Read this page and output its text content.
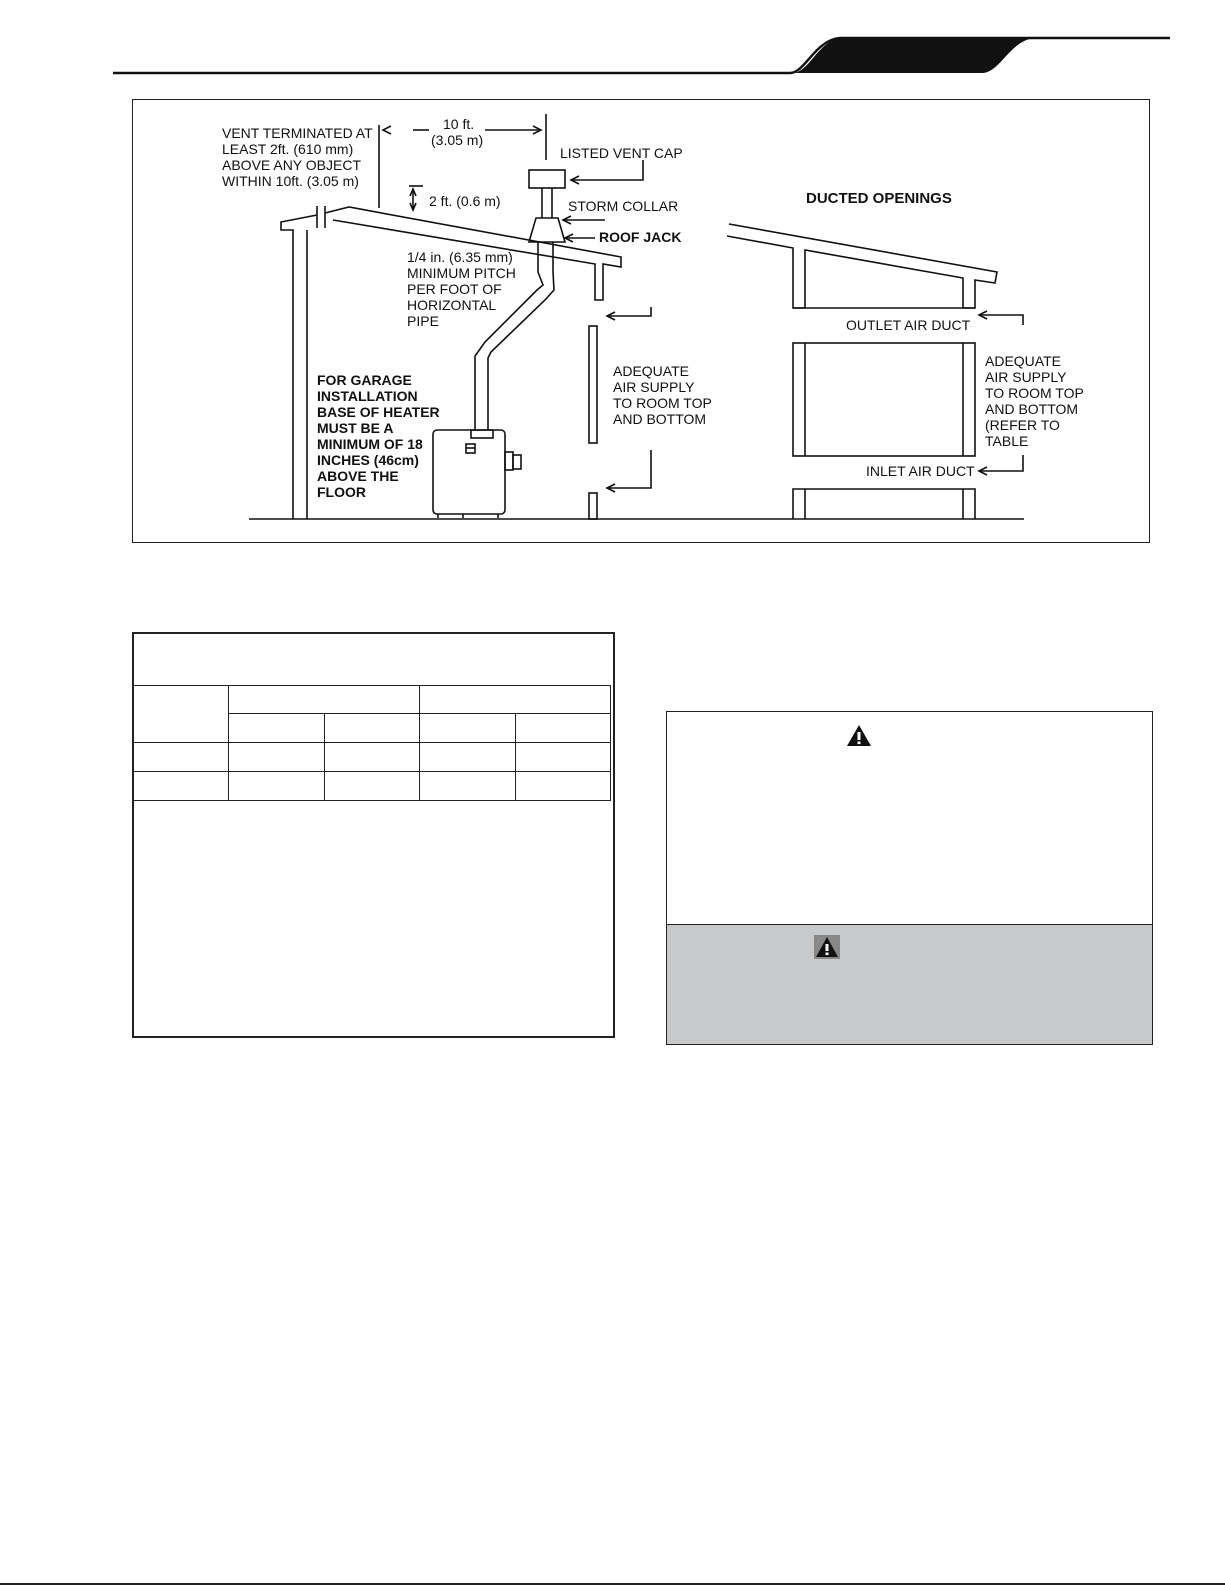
VENT TERMINATED AT
LEAST 2ft. (610 mm)
ABOVE ANY OBJECT
WITHIN 10ft. (3.05 m)
10 ft.
(3.05 m)
2 ft. (0.6 m)
LISTED VENT CAP
STORM COLLAR
ROOF JACK
1/4 in. (6.35 mm)
MINIMUM PITCH
PER FOOT OF
HORIZONTAL
PIPE
FOR GARAGE
INSTALLATION
BASE OF HEATER
MUST BE A
MINIMUM OF 18
INCHES (46cm)
ABOVE THE
FLOOR
ADEQUATE
AIR SUPPLY
TO ROOM TOP
AND BOTTOM
DUCTED OPENINGS
OUTLET AIR DUCT
INLET AIR DUCT
ADEQUATE
AIR SUPPLY
TO ROOM TOP
AND BOTTOM
(REFER TO
TABLE
